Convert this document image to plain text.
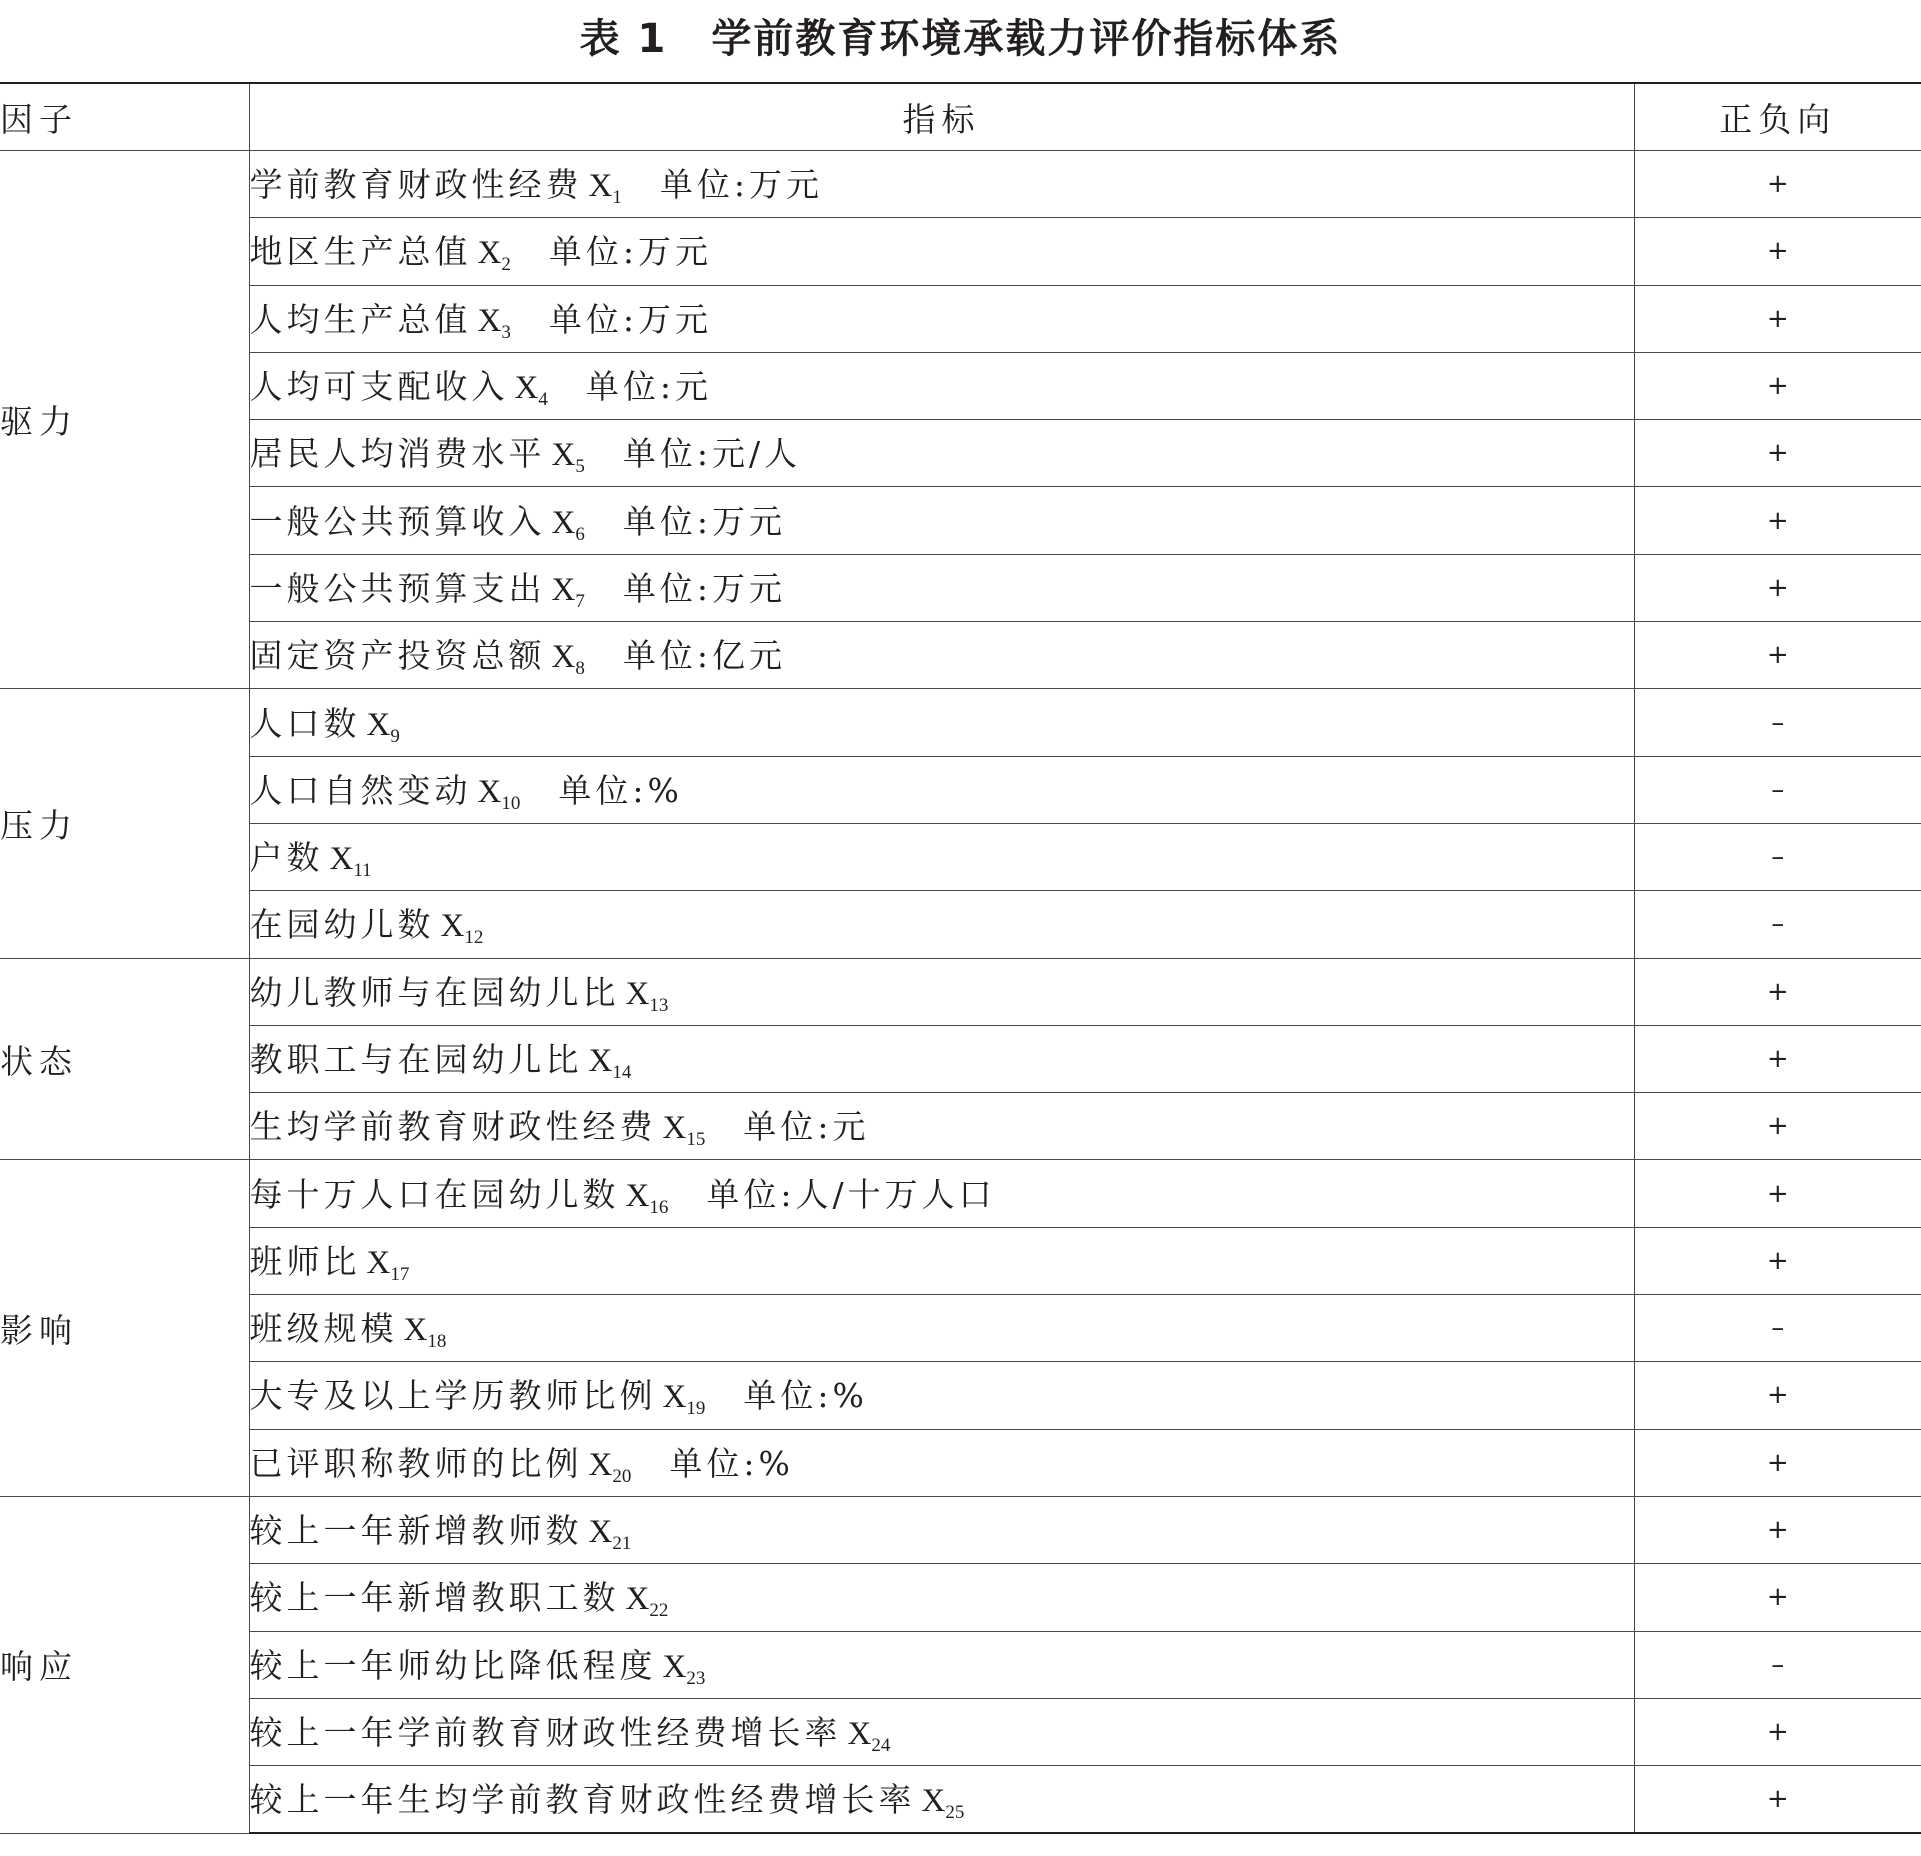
表 1 学前教育环境承载力评价指标体系
因子	指标	正负向
驱力	学前教育财政性经费 $X_1$ 单位:万元	+
	地区生产总值 $X_2$ 单位:万元	+
	人均生产总值 $X_3$ 单位:万元	+
	人均可支配收入 $X_4$ 单位:元	+
	居民人均消费水平 $X_5$ 单位:元/人	+
	一般公共预算收入 $X_6$ 单位:万元	+
	一般公共预算支出 $X_7$ 单位:万元	+
	固定资产投资总额 $X_8$ 单位:亿元	+
压力	人口数 $X_9$	–
	人口自然变动 $X_{10}$ 单位:%	–
	户数 $X_{11}$	–
	在园幼儿数 $X_{12}$	–
状态	幼儿教师与在园幼儿比 $X_{13}$	+
	教职工与在园幼儿比 $X_{14}$	+
	生均学前教育财政性经费 $X_{15}$ 单位:元	+
影响	每十万人口在园幼儿数 $X_{16}$ 单位:人/十万人口	+
	班师比 $X_{17}$	+
	班级规模 $X_{18}$	–
	大专及以上学历教师比例 $X_{19}$ 单位:%	+
	已评职称教师的比例 $X_{20}$ 单位:%	+
响应	较上一年新增教师数 $X_{21}$	+
	较上一年新增教职工数 $X_{22}$	+
	较上一年师幼比降低程度 $X_{23}$	–
	较上一年学前教育财政性经费增长率 $X_{24}$	+
	较上一年生均学前教育财政性经费增长率 $X_{25}$	+
